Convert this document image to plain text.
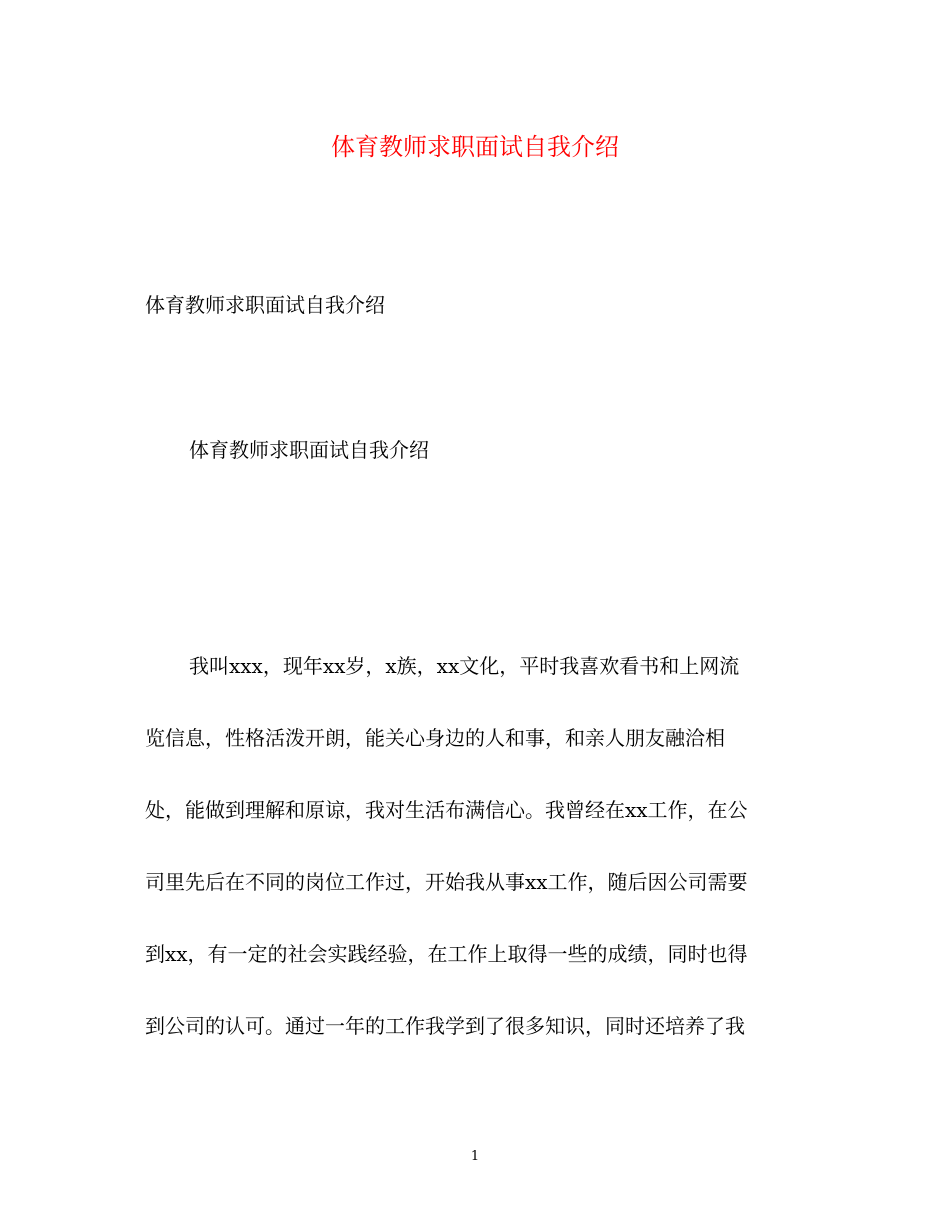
体育教师求职面试自我介绍
体育教师求职面试自我介绍
体育教师求职面试自我介绍
我叫xxx，现年xx岁，x族，xx文化，平时我喜欢看书和上网流
览信息，性格活泼开朗，能关心身边的人和事，和亲人朋友融洽相
处，能做到理解和原谅，我对生活布满信心。我曾经在xx工作，在公
司里先后在不同的岗位工作过，开始我从事xx工作，随后因公司需要
到xx，有一定的社会实践经验，在工作上取得一些的成绩，同时也得
到公司的认可。通过一年的工作我学到了很多知识，同时还培养了我
1
